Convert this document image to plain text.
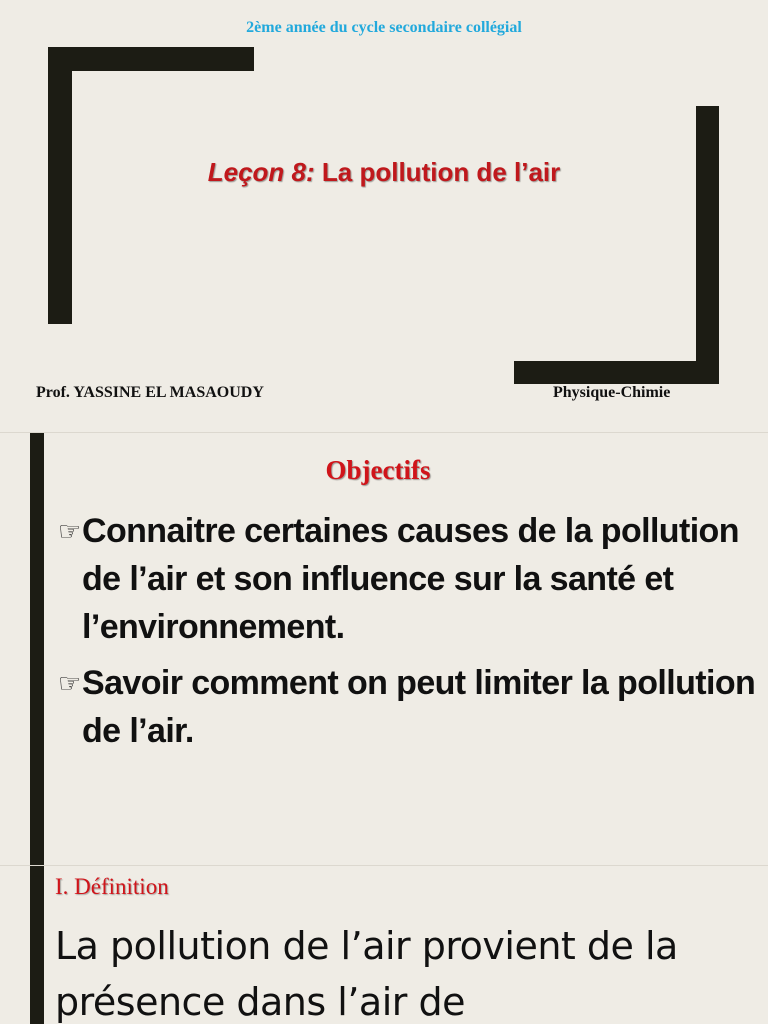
2ème année du cycle secondaire collégial
Leçon 8: La pollution de l’air
Prof. YASSINE EL MASAOUDY	Physique-Chimie
Objectifs
☞ Connaitre certaines causes de la pollution de l’air et son influence sur la santé et l’environnement.
☞ Savoir comment on peut limiter la pollution de l’air.
I. Définition
La pollution de l’air provient de la présence dans l’air de
